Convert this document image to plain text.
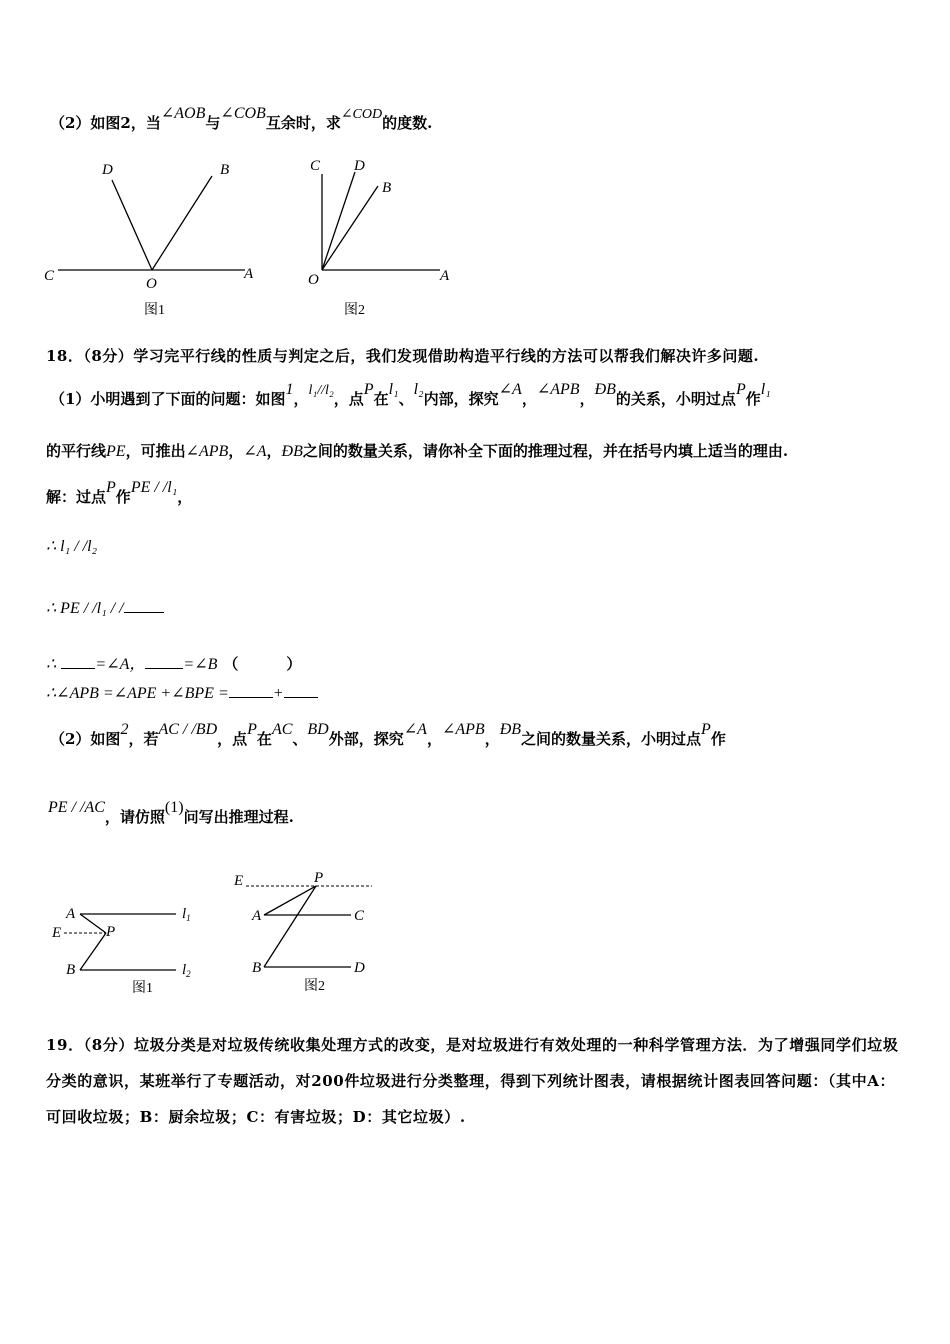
（2）如图2，当∠AOB与∠COB互余时，求∠COD的度数.
C
D	B
O
A
图1
C D
B
O	A
图2
18．（8分）学习完平行线的性质与判定之后，我们发现借助构造平行线的方法可以帮我们解决许多问题.
（1）小明遇到了下面的问题：如图1，l₁//l₂，点P在l₁、l₂内部，探究∠A，∠APB，ÐB的关系，小明过点P作l₁
的平行线PE，可推出∠APB，∠A，ÐB之间的数量关系，请你补全下面的推理过程，并在括号内填上适当的理由.
解：过点P作PE / /l₁，
∴ l₁ / /l₂
∴ PE / /l₁ / /
∴ =∠A， =∠B （	）
∴∠APB =∠APE +∠BPE =	+
（2）如图2，若AC / /BD，点P在AC、BD外部，探究∠A，∠APB，ÐB之间的数量关系，小明过点P作
PE / /AC，请仿照(1)问写出推理过程.
A
E	P
B
$l_1$
$l_2$
图1
E	P
A	C
B	D
图2
19．（8分）垃圾分类是对垃圾传统收集处理方式的改变，是对垃圾进行有效处理的一种科学管理方法．为了增强同学们垃圾分类的意识，某班举行了专题活动，对200件垃圾进行分类整理，得到下列统计图表，请根据统计图表回答问题：（其中A：可回收垃圾；B：厨余垃圾；C：有害垃圾；D：其它垃圾）.
